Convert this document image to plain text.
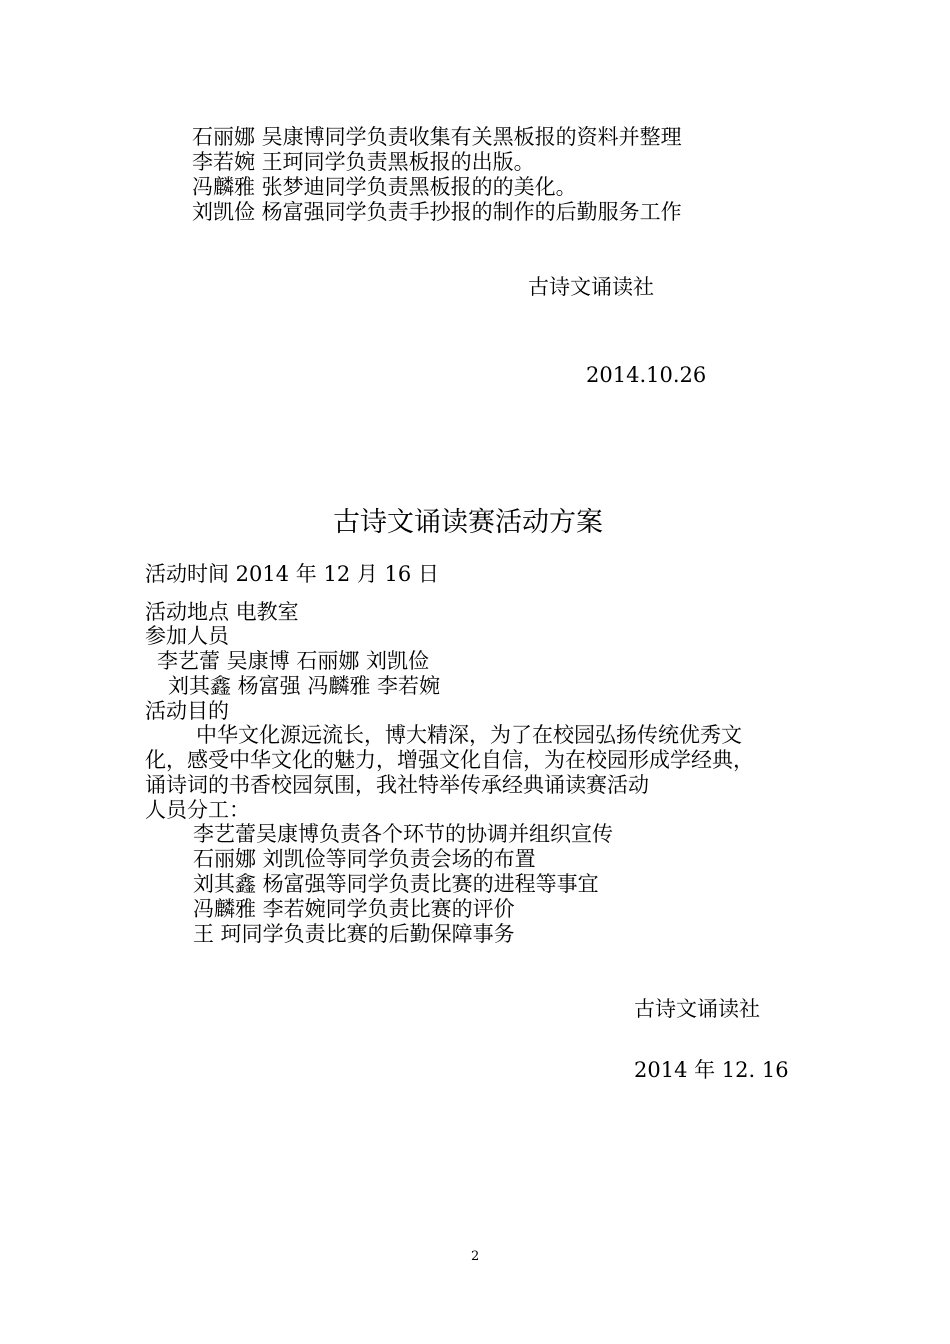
石丽娜 吴康博同学负责收集有关黑板报的资料并整理
李若婉 王珂同学负责黑板报的出版。
冯麟雅 张梦迪同学负责黑板报的的美化。
刘凯俭 杨富强同学负责手抄报的制作的后勤服务工作
古诗文诵读社
2014.10.26
古诗文诵读赛活动方案
活动时间 2014 年 12 月 16 日
活动地点 电教室
参加人员
李艺蕾 吴康博 石丽娜 刘凯俭
刘其鑫 杨富强 冯麟雅 李若婉
活动目的
中华文化源远流长，博大精深，为了在校园弘扬传统优秀文
化，感受中华文化的魅力，增强文化自信，为在校园形成学经典，
诵诗词的书香校园氛围，我社特举传承经典诵读赛活动
人员分工：
李艺蕾吴康博负责各个环节的协调并组织宣传
石丽娜 刘凯俭等同学负责会场的布置
刘其鑫 杨富强等同学负责比赛的进程等事宜
冯麟雅 李若婉同学负责比赛的评价
王 珂同学负责比赛的后勤保障事务
古诗文诵读社
2014 年 12. 16
2
